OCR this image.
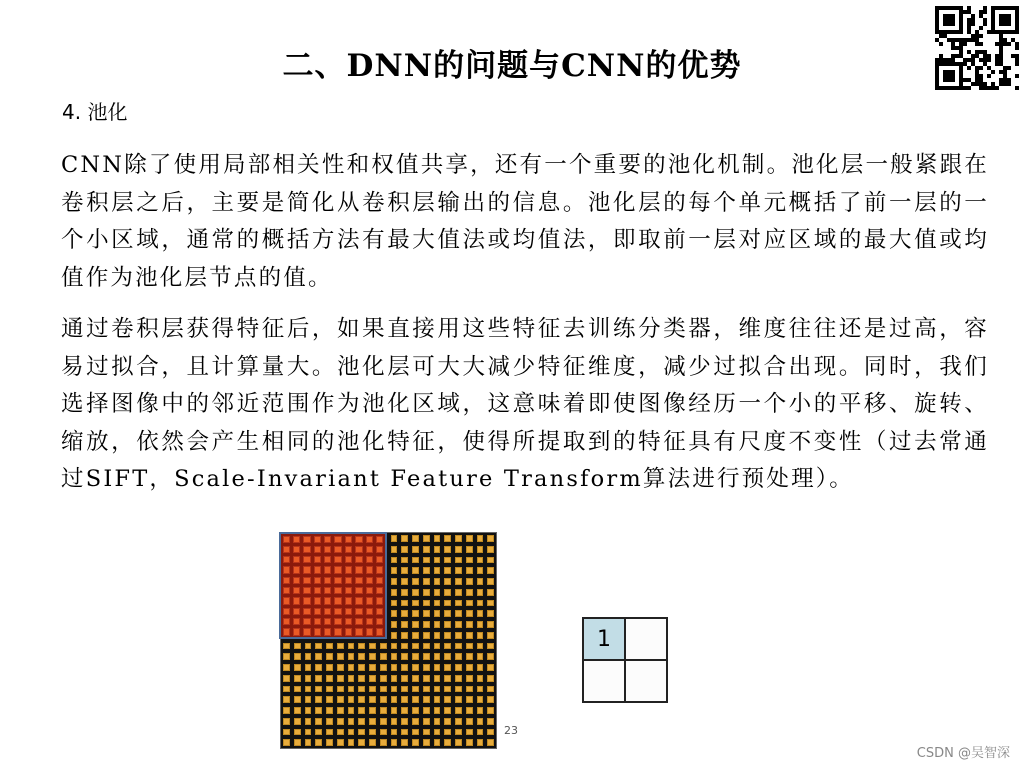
二、DNN的问题与CNN的优势
4. 池化
CNN除了使用局部相关性和权值共享，还有一个重要的池化机制。池化层一般紧跟在卷积层之后，主要是简化从卷积层输出的信息。池化层的每个单元概括了前一层的一个小区域，通常的概括方法有最大值法或均值法，即取前一层对应区域的最大值或均值作为池化层节点的值。
通过卷积层获得特征后，如果直接用这些特征去训练分类器，维度往往还是过高，容易过拟合，且计算量大。池化层可大大减少特征维度，减少过拟合出现。同时，我们选择图像中的邻近范围作为池化区域，这意味着即使图像经历一个小的平移、旋转、缩放，依然会产生相同的池化特征，使得所提取到的特征具有尺度不变性（过去常通过SIFT，Scale-Invariant Feature Transform算法进行预处理）。
1
23
CSDN @吴智深
